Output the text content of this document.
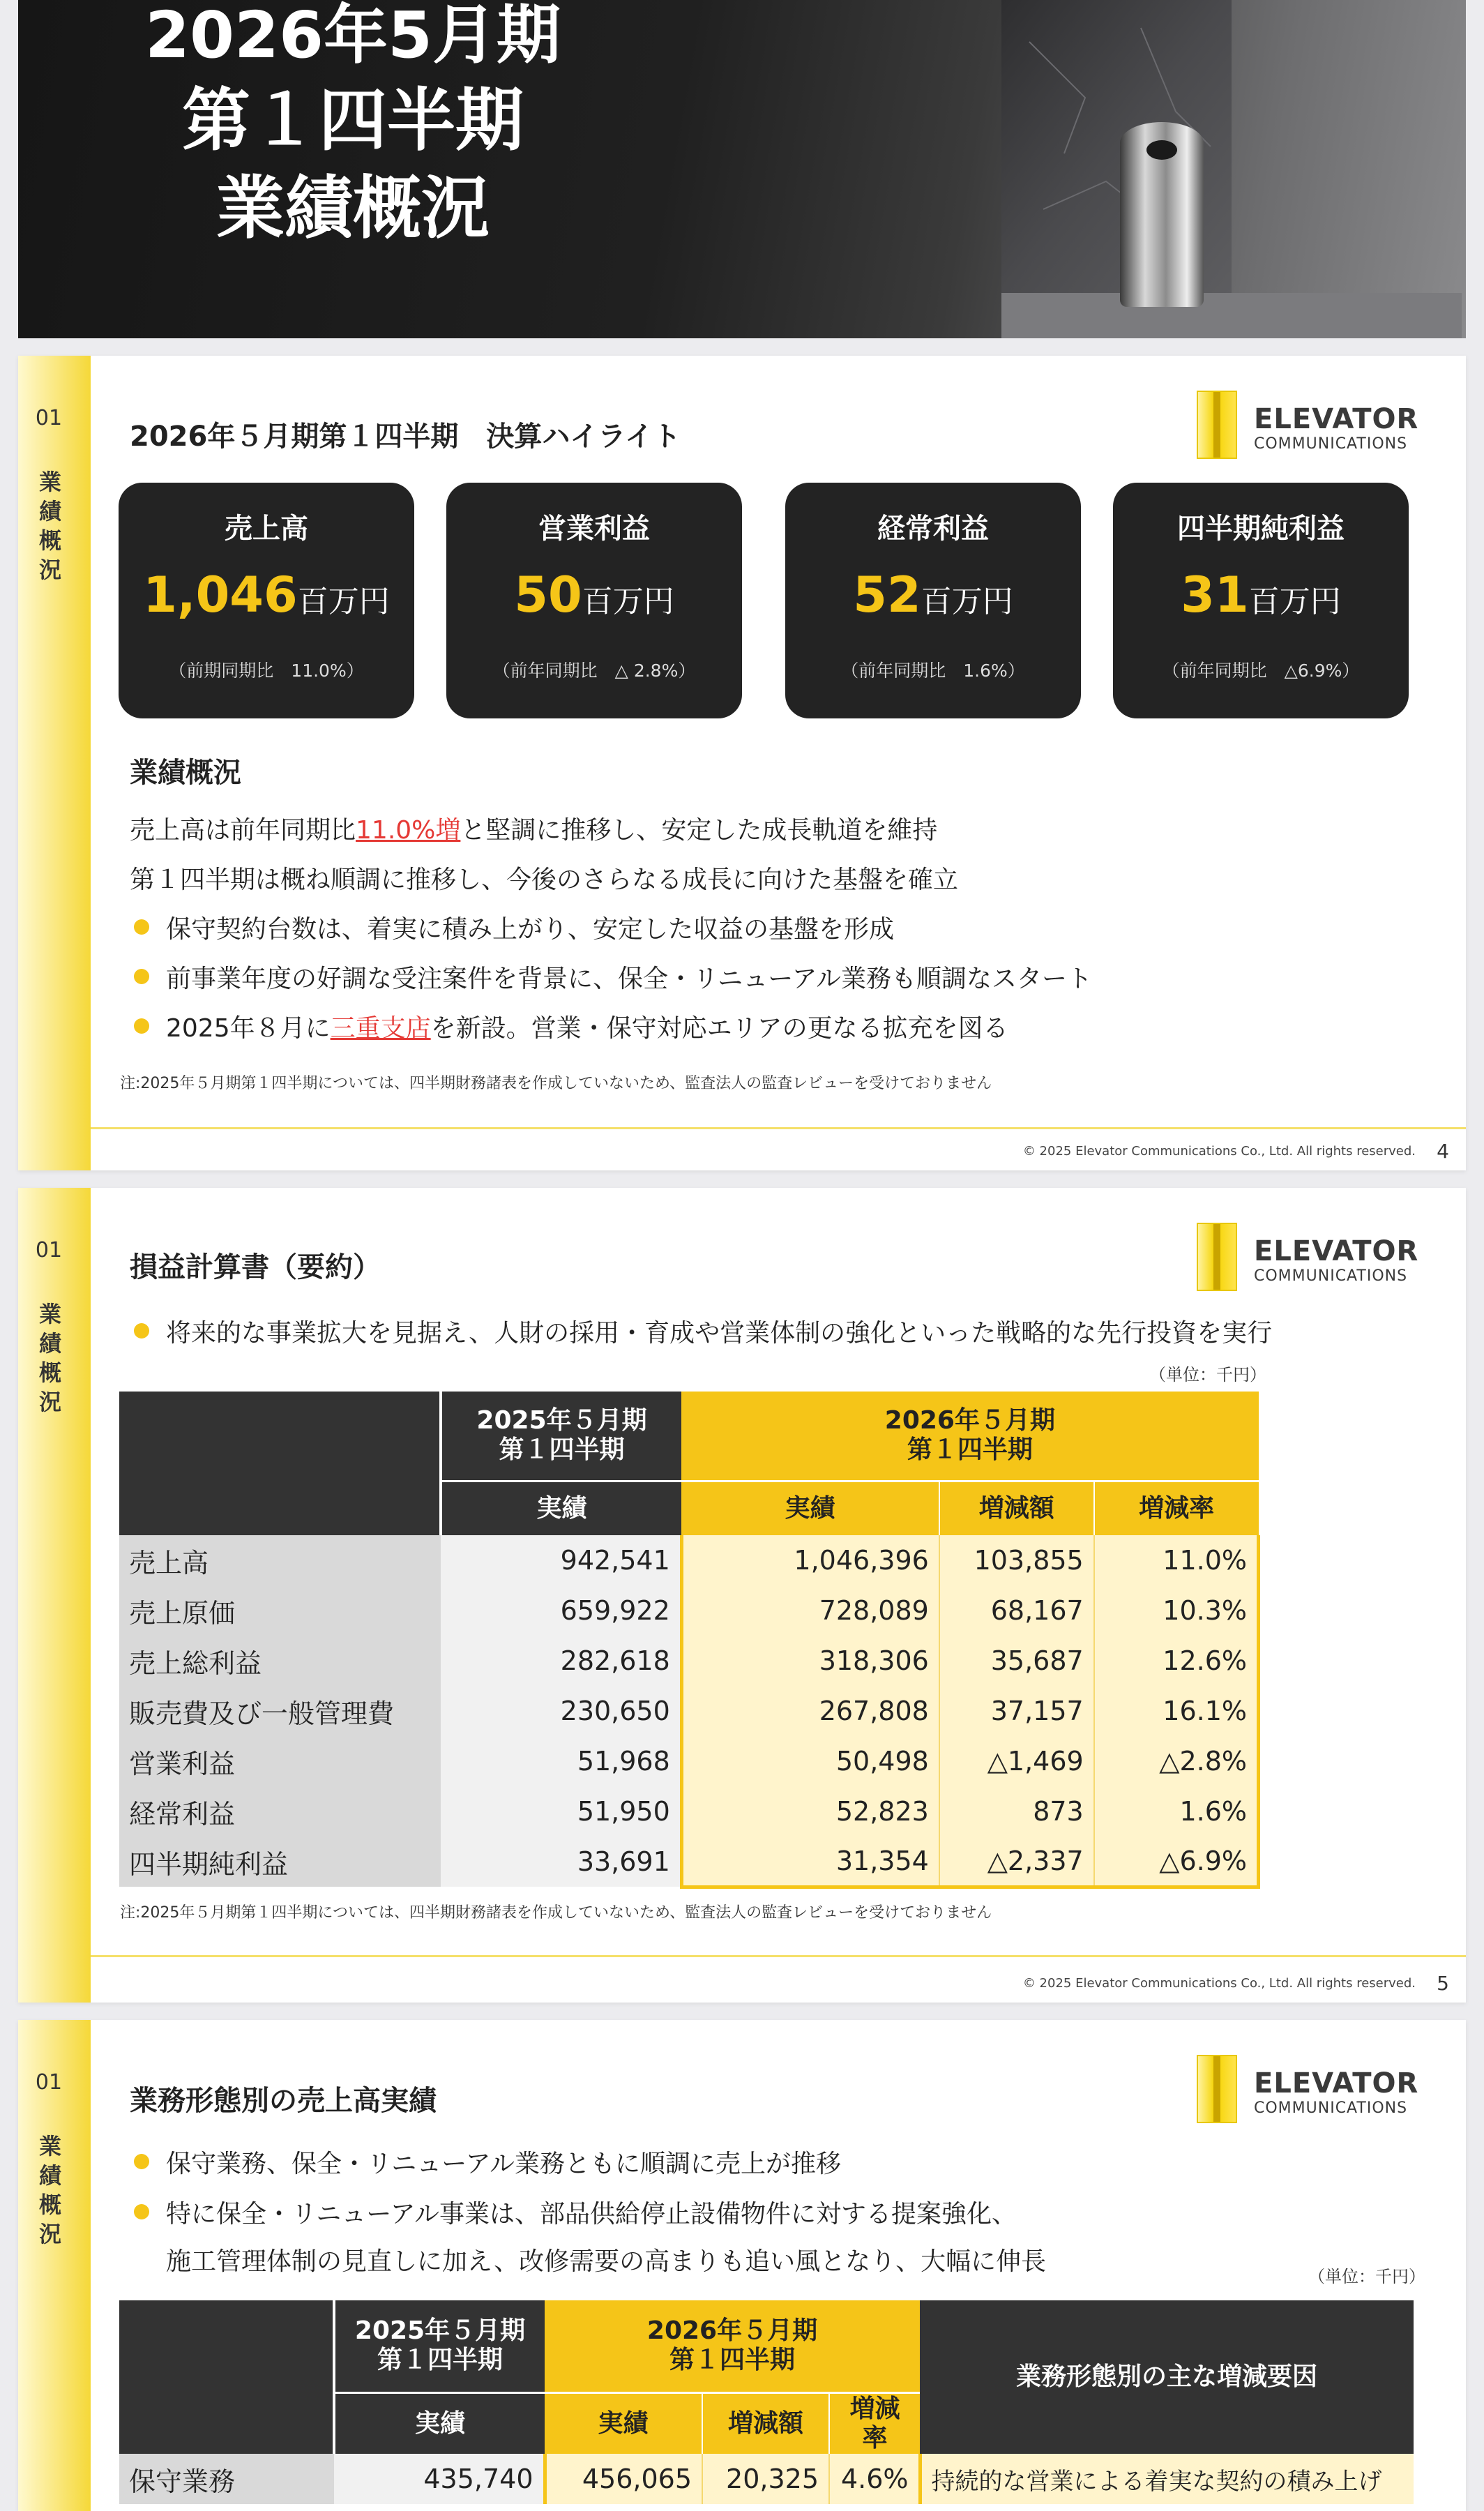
2026年5月期
第１四半期
業績概況
01
業績概況
ELEVATOR
COMMUNICATIONS
2026年５月期第１四半期　決算ハイライト
売上高
1,046百万円
（前期同期比　11.0%）
営業利益
50百万円
（前年同期比　△ 2.8%）
経常利益
52百万円
（前年同期比　1.6%）
四半期純利益
31百万円
（前年同期比　△6.9%）
業績概況
売上高は前年同期比11.0%増と堅調に推移し、安定した成長軌道を維持
第１四半期は概ね順調に推移し、今後のさらなる成長に向けた基盤を確立
保守契約台数は、着実に積み上がり、安定した収益の基盤を形成
前事業年度の好調な受注案件を背景に、保全・リニューアル業務も順調なスタート
2025年８月に三重支店を新設。営業・保守対応エリアの更なる拡充を図る
注:2025年５月期第１四半期については、四半期財務諸表を作成していないため、監査法人の監査レビューを受けておりません
© 2025 Elevator Communications Co., Ltd. All rights reserved. 4
01
業績概況
ELEVATOR
COMMUNICATIONS
損益計算書（要約）
将来的な事業拡大を見据え、人財の採用・育成や営業体制の強化といった戦略的な先行投資を実行
（単位：千円）
	2025年５月期
第１四半期	2026年５月期
第１四半期		
	実績	実績	増減額	増減率
売上高	942,541	1,046,396	103,855	11.0%
売上原価	659,922	728,089	68,167	10.3%
売上総利益	282,618	318,306	35,687	12.6%
販売費及び一般管理費	230,650	267,808	37,157	16.1%
営業利益	51,968	50,498	△1,469	△2.8%
経常利益	51,950	52,823	873	1.6%
四半期純利益	33,691	31,354	△2,337	△6.9%
注:2025年５月期第１四半期については、四半期財務諸表を作成していないため、監査法人の監査レビューを受けておりません
© 2025 Elevator Communications Co., Ltd. All rights reserved. 5
01
業績概況
ELEVATOR
COMMUNICATIONS
業務形態別の売上高実績
保守業務、保全・リニューアル業務ともに順調に売上が推移
特に保全・リニューアル事業は、部品供給停止設備物件に対する提案強化、
施工管理体制の見直しに加え、改修需要の高まりも追い風となり、大幅に伸長
（単位：千円）
	2025年５月期
第１四半期	2026年５月期
第１四半期			業務形態別の主な増減要因
	実績	実績	増減額	増減率	
保守業務	435,740	456,065	20,325	4.6%	持続的な営業による着実な契約の積み上げ
